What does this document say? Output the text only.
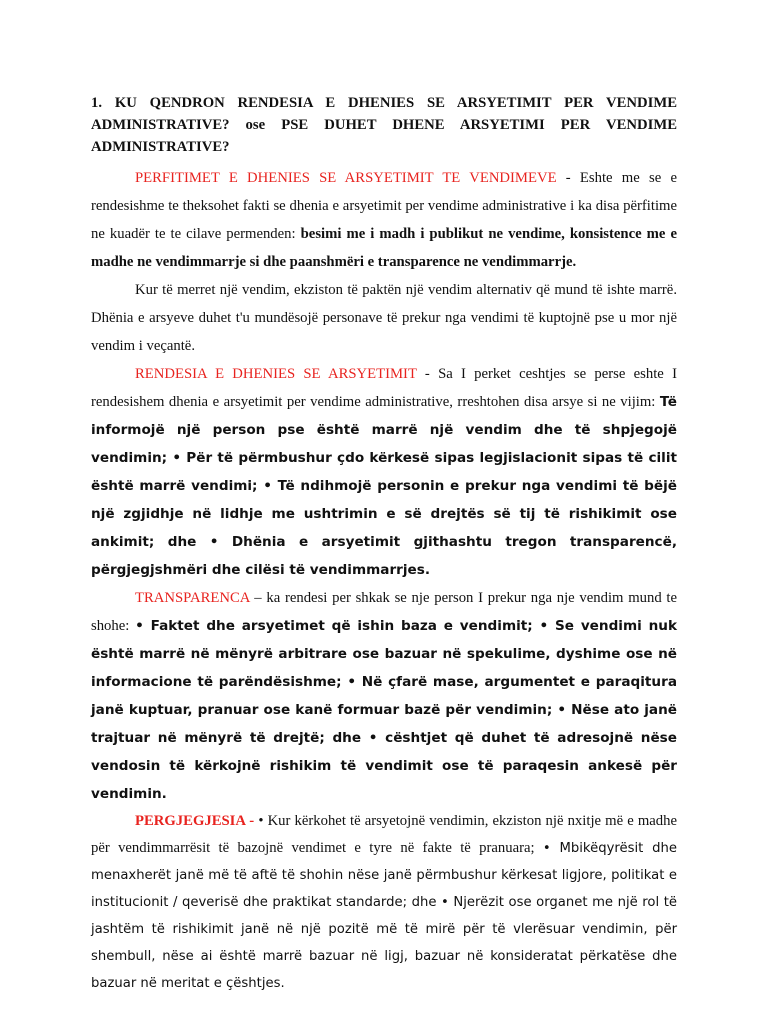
1. KU QENDRON RENDESIA E DHENIES SE ARSYETIMIT PER VENDIME ADMINISTRATIVE? ose PSE DUHET DHENE ARSYETIMI PER VENDIME ADMINISTRATIVE?

PERFITIMET E DHENIES SE ARSYETIMIT TE VENDIMEVE - Eshte me se e rendesishme te theksohet fakti se dhenia e arsyetimit per vendime administrative i ka disa përfitime ne kuadër te te cilave permenden: besimi me i madh i publikut ne vendime, konsistence me e madhe ne vendimmarrje si dhe paanshmëri e transparence ne vendimmarrje.

Kur të merret një vendim, ekziston të paktën një vendim alternativ që mund të ishte marrë. Dhënia e arsyeve duhet t'u mundësojë personave të prekur nga vendimi të kuptojnë pse u mor një vendim i veçantë.

RENDESIA E DHENIES SE ARSYETIMIT - Sa I perket ceshtjes se perse eshte I rendesishem dhenia e arsyetimit per vendime administrative, rreshtohen disa arsye si ne vijim: Të informojë një person pse është marrë një vendim dhe të shpjegojë vendimin; • Për të përmbushur çdo kërkesë sipas legjislacionit sipas të cilit është marrë vendimi; • Të ndihmojë personin e prekur nga vendimi të bëjë një zgjidhje në lidhje me ushtrimin e së drejtës së tij të rishikimit ose ankimit; dhe • Dhënia e arsyetimit gjithashtu tregon transparencë, përgjegjshmëri dhe cilësi të vendimmarrjes.

TRANSPARENCA – ka rendesi per shkak se nje person I prekur nga nje vendim mund te shohe: • Faktet dhe arsyetimet që ishin baza e vendimit; • Se vendimi nuk është marrë në mënyrë arbitrare ose bazuar në spekulime, dyshime ose në informacione të parëndësishme; • Në çfarë mase, argumentet e paraqitura janë kuptuar, pranuar ose kanë formuar bazë për vendimin; • Nëse ato janë trajtuar në mënyrë të drejtë; dhe • cështjet që duhet të adresojnë nëse vendosin të kërkojnë rishikim të vendimit ose të paraqesin ankesë për vendimin.

PERGJEGJESIA - • Kur kërkohet të arsyetojnë vendimin, ekziston një nxitje më e madhe për vendimmarrësit të bazojnë vendimet e tyre në fakte të pranuara; • Mbikëqyrësit dhe menaxherët janë më të aftë të shohin nëse janë përmbushur kërkesat ligjore, politikat e institucionit / qeverisë dhe praktikat standarde; dhe • Njerëzit ose organet me një rol të jashtëm të rishikimit janë në një pozitë më të mirë për të vlerësuar vendimin, për shembull, nëse ai është marrë bazuar në ligj, bazuar në konsideratat përkatëse dhe bazuar në meritat e çështjes.
